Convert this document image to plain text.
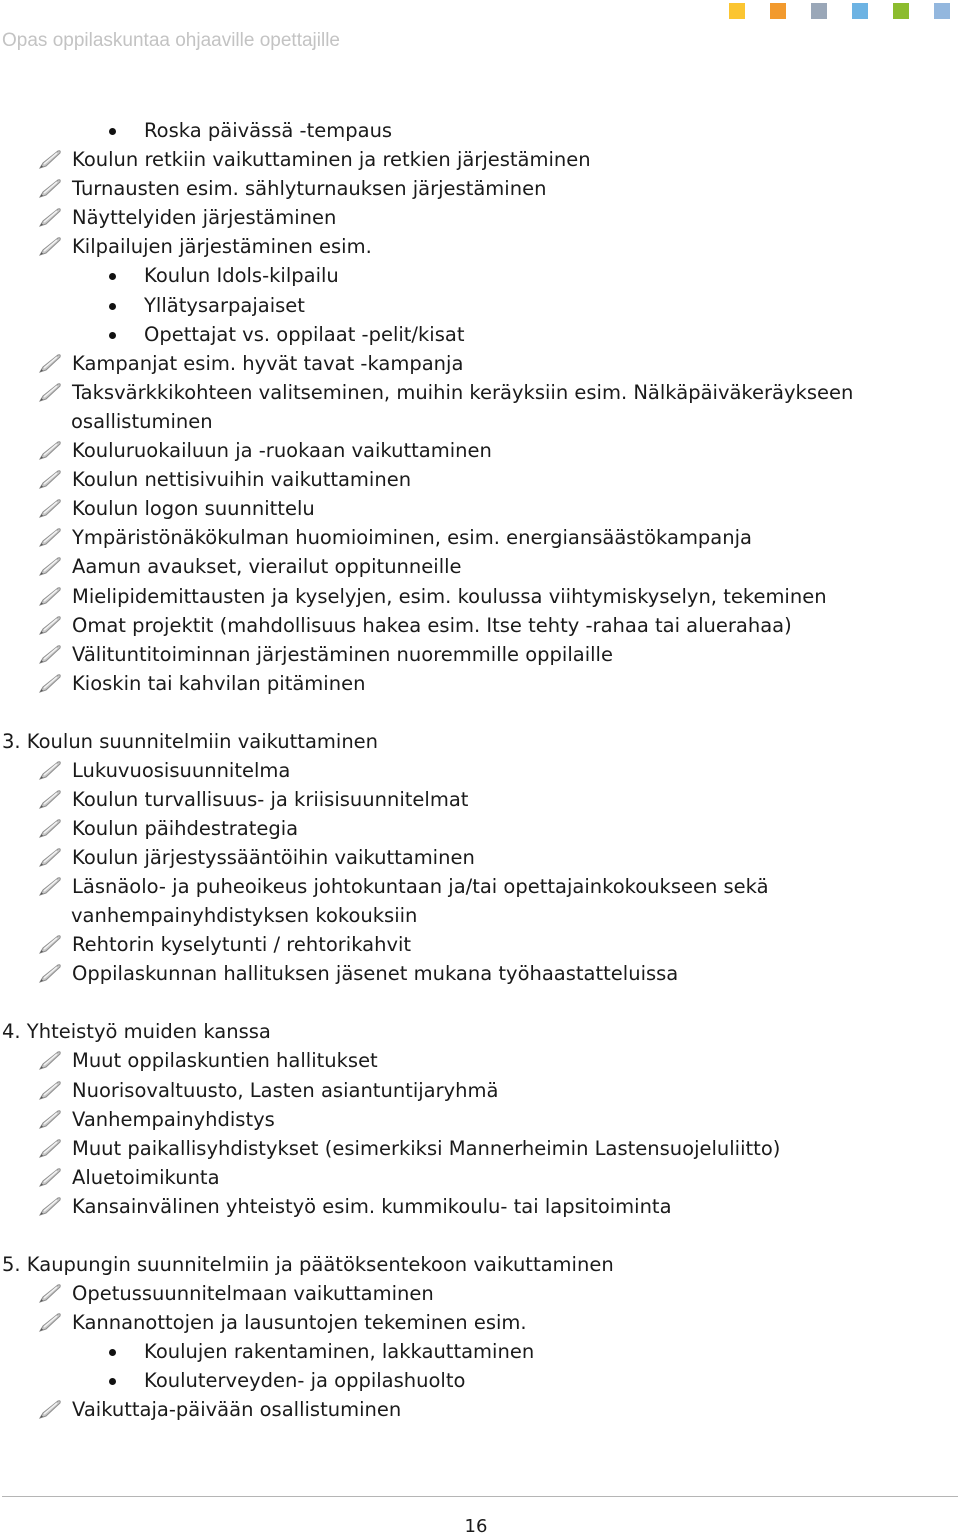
Opas oppilaskuntaa ohjaaville opettajille
Roska päivässä -tempaus
Koulun retkiin vaikuttaminen ja retkien järjestäminen
Turnausten esim. sählyturnauksen järjestäminen
Näyttelyiden järjestäminen
Kilpailujen järjestäminen esim.
Koulun Idols-kilpailu
Yllätysarpajaiset
Opettajat vs. oppilaat -pelit/kisat
Kampanjat esim. hyvät tavat -kampanja
Taksvärkkikohteen valitseminen, muihin keräyksiin esim. Nälkäpäiväkeräykseen
osallistuminen
Kouluruokailuun ja -ruokaan vaikuttaminen
Koulun nettisivuihin vaikuttaminen
Koulun logon suunnittelu
Ympäristönäkökulman huomioiminen, esim. energiansäästökampanja
Aamun avaukset, vierailut oppitunneille
Mielipidemittausten ja kyselyjen, esim. koulussa viihtymiskyselyn, tekeminen
Omat projektit (mahdollisuus hakea esim. Itse tehty -rahaa tai aluerahaa)
Välituntitoiminnan järjestäminen nuoremmille oppilaille
Kioskin tai kahvilan pitäminen
3. Koulun suunnitelmiin vaikuttaminen
Lukuvuosisuunnitelma
Koulun turvallisuus- ja kriisisuunnitelmat
Koulun päihdestrategia
Koulun järjestyssääntöihin vaikuttaminen
Läsnäolo- ja puheoikeus johtokuntaan ja/tai opettajainkokoukseen sekä
vanhempainyhdistyksen kokouksiin
Rehtorin kyselytunti / rehtorikahvit
Oppilaskunnan hallituksen jäsenet mukana työhaastatteluissa
4. Yhteistyö muiden kanssa
Muut oppilaskuntien hallitukset
Nuorisovaltuusto, Lasten asiantuntijaryhmä
Vanhempainyhdistys
Muut paikallisyhdistykset (esimerkiksi Mannerheimin Lastensuojeluliitto)
Aluetoimikunta
Kansainvälinen yhteistyö esim. kummikoulu- tai lapsitoiminta
5. Kaupungin suunnitelmiin ja päätöksentekoon vaikuttaminen
Opetussuunnitelmaan vaikuttaminen
Kannanottojen ja lausuntojen tekeminen esim.
Koulujen rakentaminen, lakkauttaminen
Kouluterveyden- ja oppilashuolto
Vaikuttaja-päivään osallistuminen
16
